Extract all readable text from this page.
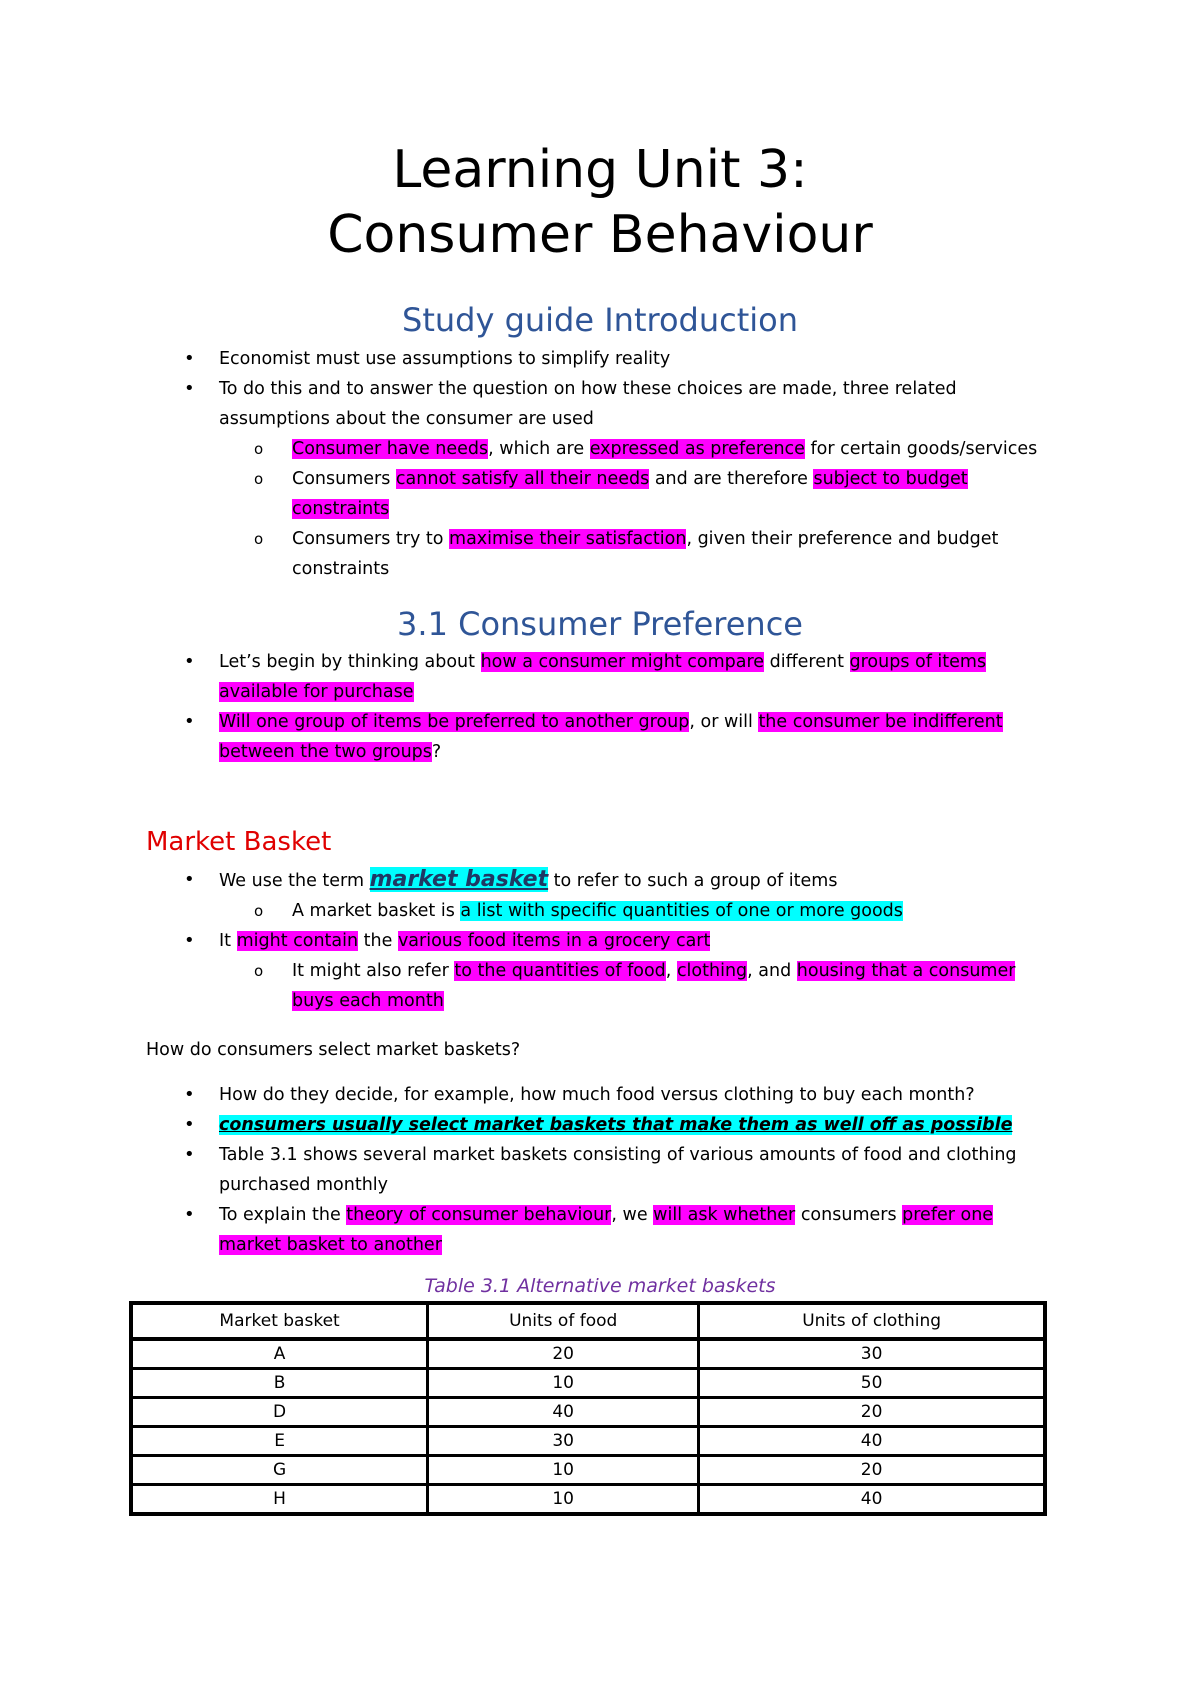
Learning Unit 3:
Consumer Behaviour
Study guide Introduction
• Economist must use assumptions to simplify reality
• To do this and to answer the question on how these choices are made, three related assumptions about the consumer are used
o Consumer have needs, which are expressed as preference for certain goods/services
o Consumers cannot satisfy all their needs and are therefore subject to budget constraints
o Consumers try to maximise their satisfaction, given their preference and budget constraints
3.1 Consumer Preference
• Let’s begin by thinking about how a consumer might compare different groups of items available for purchase
• Will one group of items be preferred to another group, or will the consumer be indifferent between the two groups?
Market Basket
• We use the term market basket to refer to such a group of items
o A market basket is a list with specific quantities of one or more goods
• It might contain the various food items in a grocery cart
o It might also refer to the quantities of food, clothing, and housing that a consumer buys each month
How do consumers select market baskets?
• How do they decide, for example, how much food versus clothing to buy each month?
• consumers usually select market baskets that make them as well off as possible
• Table 3.1 shows several market baskets consisting of various amounts of food and clothing purchased monthly
• To explain the theory of consumer behaviour, we will ask whether consumers prefer one market basket to another
Table 3.1 Alternative market baskets
Market basket	Units of food	Units of clothing
A	20	30
B	10	50
D	40	20
E	30	40
G	10	20
H	10	40
